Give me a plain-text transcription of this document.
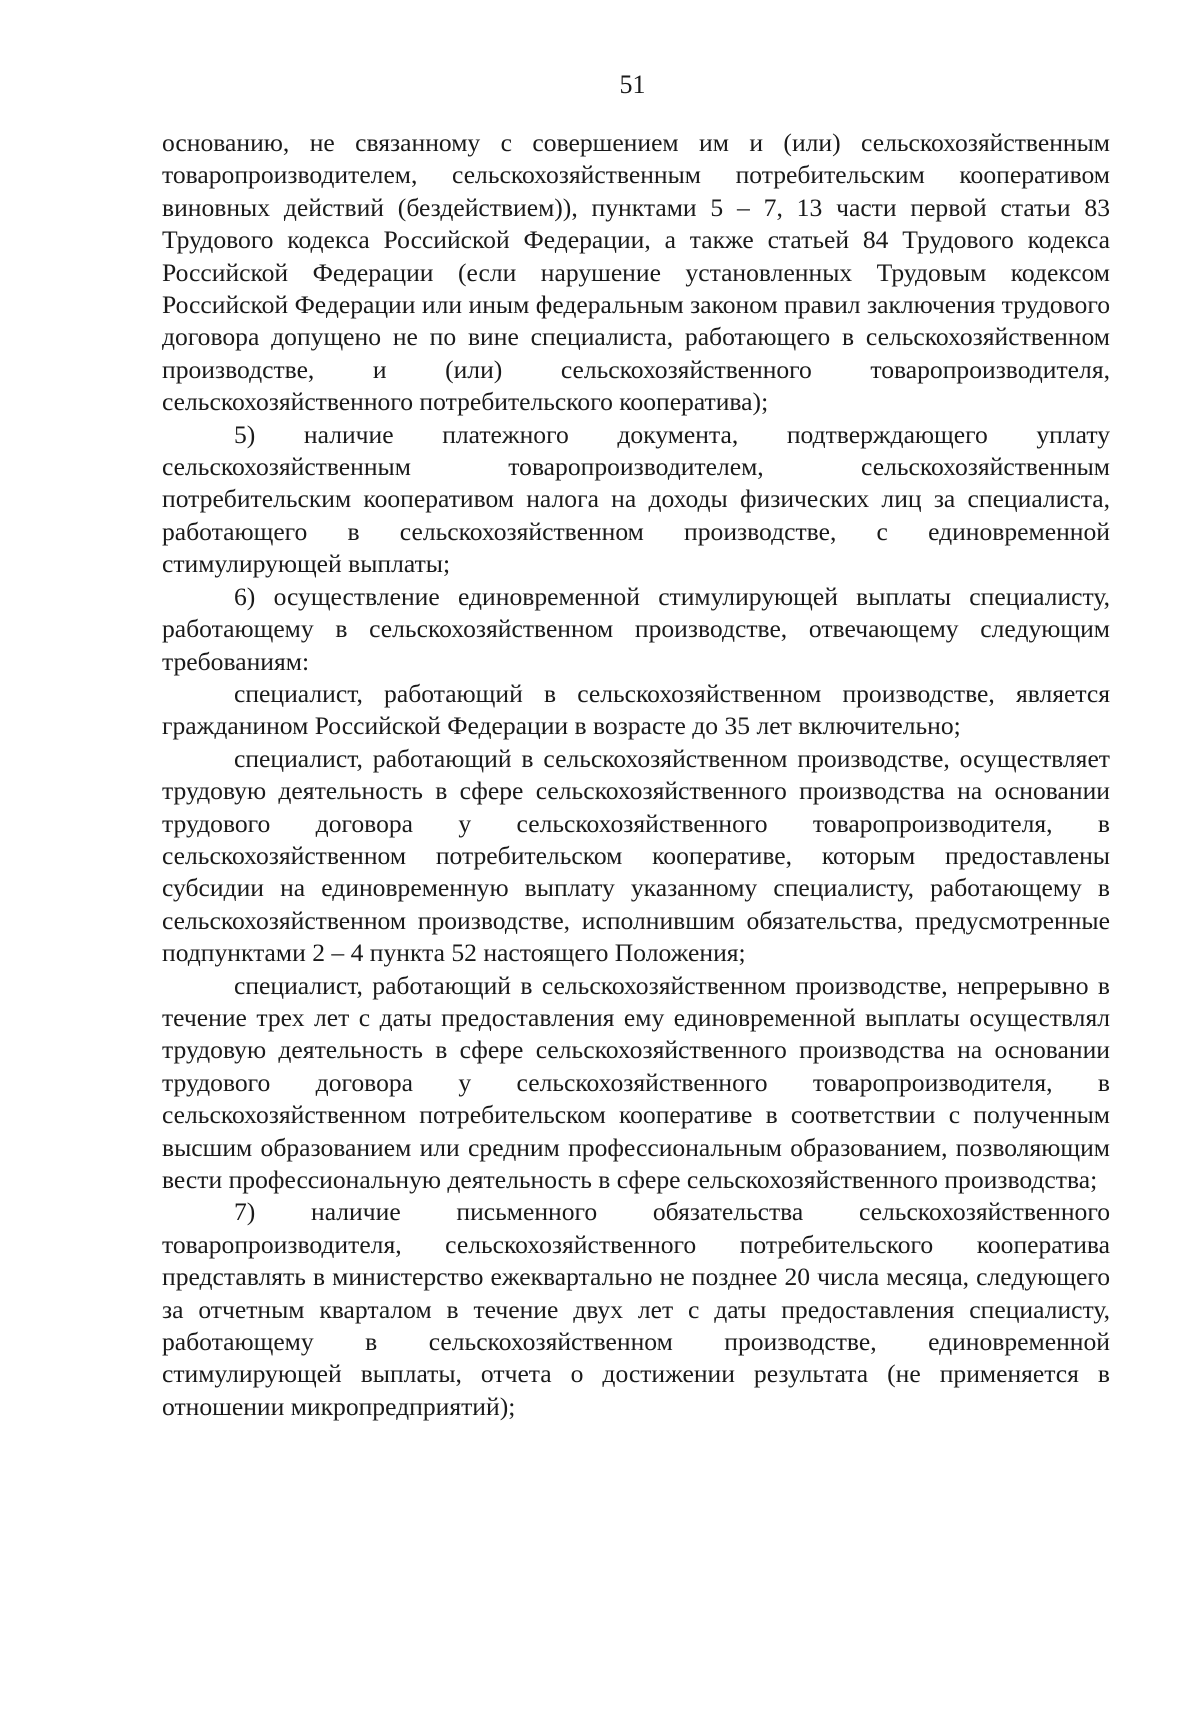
51

основанию, не связанному с совершением им и (или) сельскохозяйственным товаропроизводителем, сельскохозяйственным потребительским кооперативом виновных действий (бездействием)), пунктами 5 – 7, 13 части первой статьи 83 Трудового кодекса Российской Федерации, а также статьей 84 Трудового кодекса Российской Федерации (если нарушение установленных Трудовым кодексом Российской Федерации или иным федеральным законом правил заключения трудового договора допущено не по вине специалиста, работающего в сельскохозяйственном производстве, и (или) сельскохозяйственного товаропроизводителя, сельскохозяйственного потребительского кооператива);

5) наличие платежного документа, подтверждающего уплату сельскохозяйственным товаропроизводителем, сельскохозяйственным потребительским кооперативом налога на доходы физических лиц за специалиста, работающего в сельскохозяйственном производстве, с единовременной стимулирующей выплаты;

6) осуществление единовременной стимулирующей выплаты специалисту, работающему в сельскохозяйственном производстве, отвечающему следующим требованиям:

специалист, работающий в сельскохозяйственном производстве, является гражданином Российской Федерации в возрасте до 35 лет включительно;

специалист, работающий в сельскохозяйственном производстве, осуществляет трудовую деятельность в сфере сельскохозяйственного производства на основании трудового договора у сельскохозяйственного товаропроизводителя, в сельскохозяйственном потребительском кооперативе, которым предоставлены субсидии на единовременную выплату указанному специалисту, работающему в сельскохозяйственном производстве, исполнившим обязательства, предусмотренные подпунктами 2 – 4 пункта 52 настоящего Положения;

специалист, работающий в сельскохозяйственном производстве, непрерывно в течение трех лет с даты предоставления ему единовременной выплаты осуществлял трудовую деятельность в сфере сельскохозяйственного производства на основании трудового договора у сельскохозяйственного товаропроизводителя, в сельскохозяйственном потребительском кооперативе в соответствии с полученным высшим образованием или средним профессиональным образованием, позволяющим вести профессиональную деятельность в сфере сельскохозяйственного производства;

7) наличие письменного обязательства сельскохозяйственного товаропроизводителя, сельскохозяйственного потребительского кооператива представлять в министерство ежеквартально не позднее 20 числа месяца, следующего за отчетным кварталом в течение двух лет с даты предоставления специалисту, работающему в сельскохозяйственном производстве, единовременной стимулирующей выплаты, отчета о достижении результата (не применяется в отношении микропредприятий);
